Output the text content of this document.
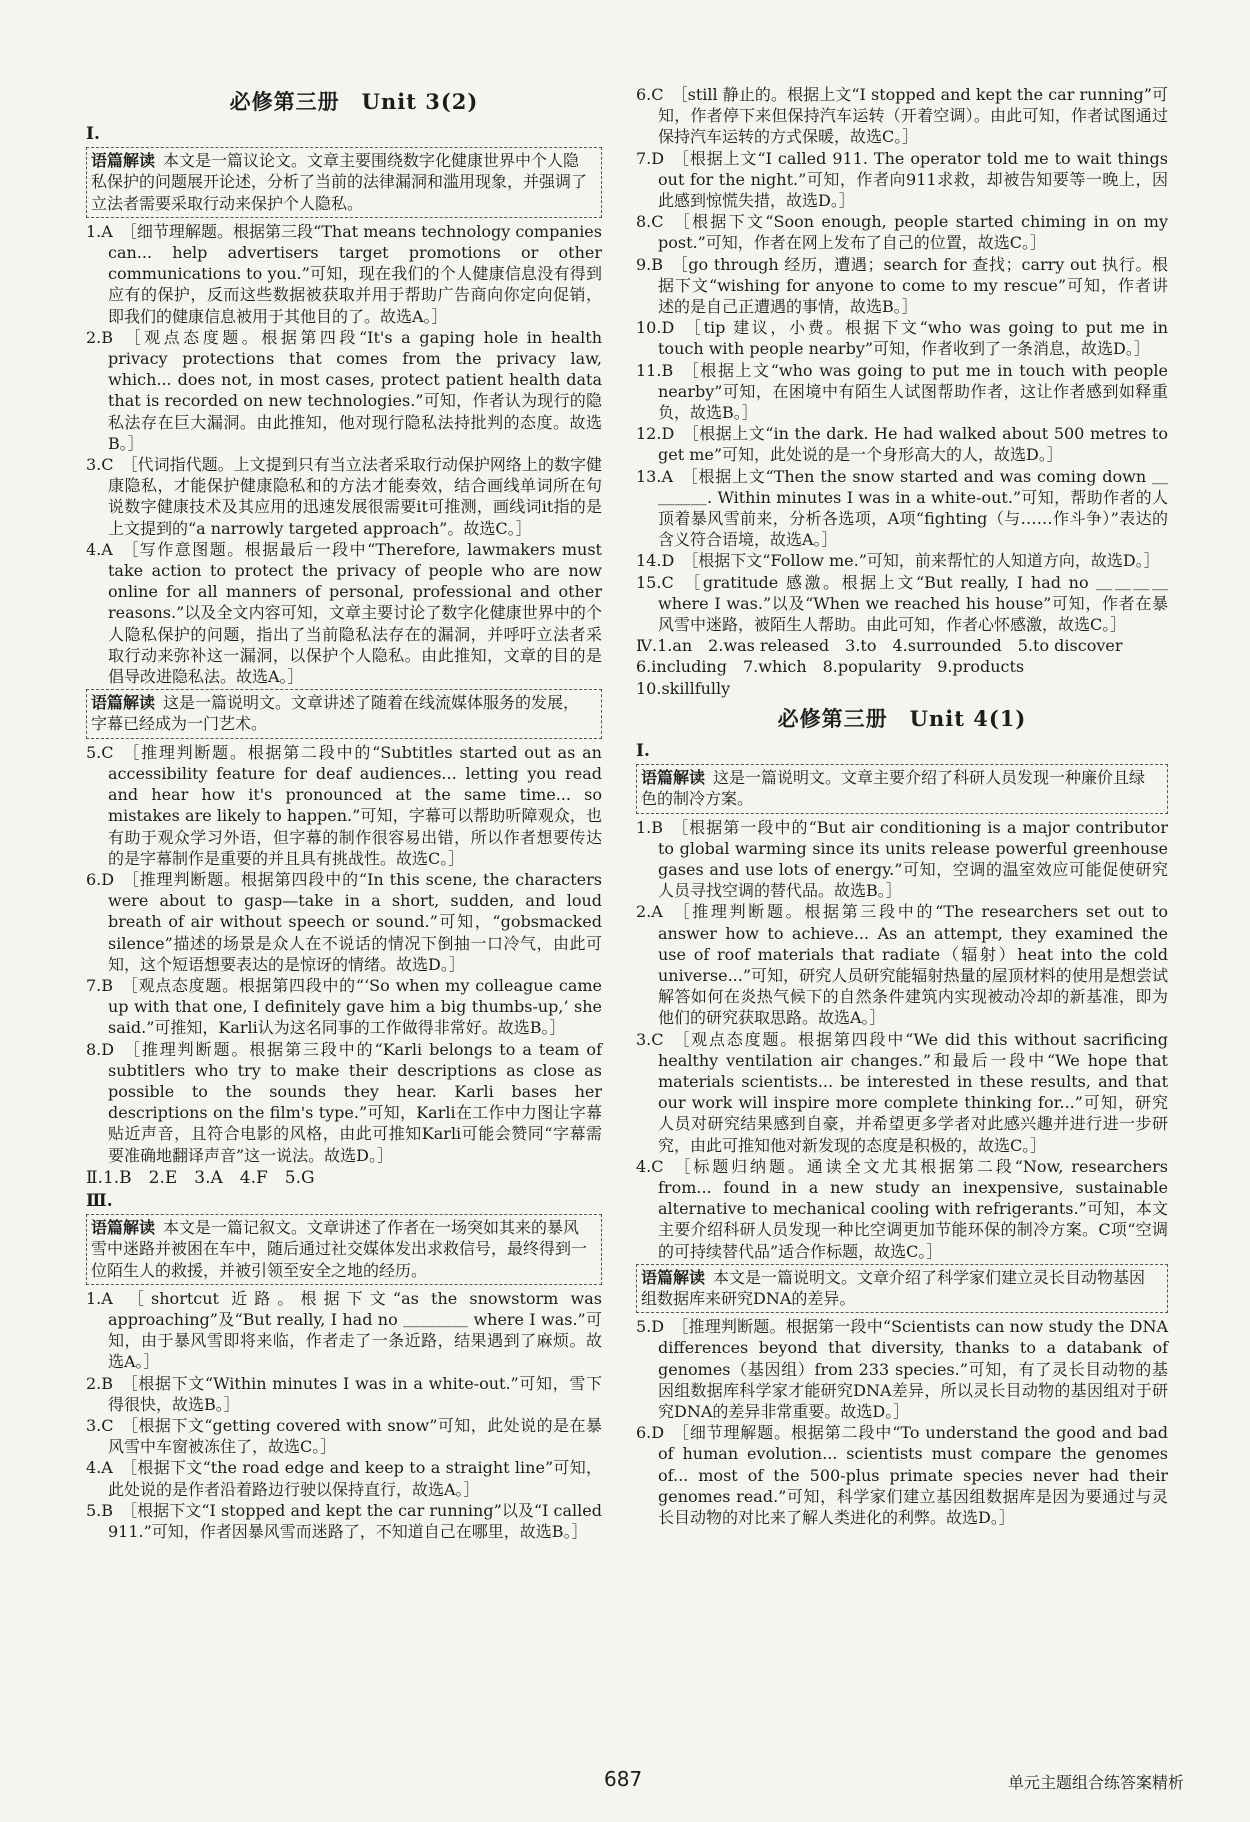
必修第三册　Unit 3(2)
Ⅰ.
语篇解读 本文是一篇议论文。文章主要围绕数字化健康世界中个人隐私保护的问题展开论述，分析了当前的法律漏洞和滥用现象，并强调了立法者需要采取行动来保护个人隐私。

1.A  ［细节理解题。根据第三段“That means technology companies can... help advertisers target promotions or other communications to you.”可知，现在我们的个人健康信息没有得到应有的保护，反而这些数据被获取并用于帮助广告商向你定向促销，即我们的健康信息被用于其他目的了。故选A。］

2.B  ［观点态度题。根据第四段“It's a gaping hole in health privacy protections that comes from the privacy law, which... does not, in most cases, protect patient health data that is recorded on new technologies.”可知，作者认为现行的隐私法存在巨大漏洞。由此推知，他对现行隐私法持批判的态度。故选B。］

3.C  ［代词指代题。上文提到只有当立法者采取行动保护网络上的数字健康隐私，才能保护健康隐私和的方法才能奏效，结合画线单词所在句说数字健康技术及其应用的迅速发展很需要it可推测，画线词it指的是上文提到的“a narrowly targeted approach”。故选C。］

4.A  ［写作意图题。根据最后一段中“Therefore, lawmakers must take action to protect the privacy of people who are now online for all manners of personal, professional and other reasons.”以及全文内容可知，文章主要讨论了数字化健康世界中的个人隐私保护的问题，指出了当前隐私法存在的漏洞，并呼吁立法者采取行动来弥补这一漏洞，以保护个人隐私。由此推知，文章的目的是倡导改进隐私法。故选A。］

语篇解读 这是一篇说明文。文章讲述了随着在线流媒体服务的发展，字幕已经成为一门艺术。

5.C  ［推理判断题。根据第二段中的“Subtitles started out as an accessibility feature for deaf audiences... letting you read and hear how it's pronounced at the same time... so mistakes are likely to happen.”可知，字幕可以帮助听障观众，也有助于观众学习外语，但字幕的制作很容易出错，所以作者想要传达的是字幕制作是重要的并且具有挑战性。故选C。］

6.D  ［推理判断题。根据第四段中的“In this scene, the characters were about to gasp—take in a short, sudden, and loud breath of air without speech or sound.”可知，“gobsmacked silence”描述的场景是众人在不说话的情况下倒抽一口冷气，由此可知，这个短语想要表达的是惊讶的情绪。故选D。］

7.B  ［观点态度题。根据第四段中的“‘So when my colleague came up with that one, I definitely gave him a big thumbs-up,’ she said.”可推知，Karli认为这名同事的工作做得非常好。故选B。］

8.D  ［推理判断题。根据第三段中的“Karli belongs to a team of subtitlers who try to make their descriptions as close as possible to the sounds they hear. Karli bases her descriptions on the film's type.”可知，Karli在工作中力图让字幕贴近声音，且符合电影的风格，由此可推知Karli可能会赞同“字幕需要准确地翻译声音”这一说法。故选D。］

Ⅱ.1.B　2.E　3.A　4.F　5.G
Ⅲ.
语篇解读 本文是一篇记叙文。文章讲述了作者在一场突如其来的暴风雪中迷路并被困在车中，随后通过社交媒体发出求救信号，最终得到一位陌生人的救援，并被引领至安全之地的经历。

1.A  ［shortcut 近路。根据下文“as the snowstorm was approaching”及“But really, I had no ＿＿＿＿ where I was.”可知，由于暴风雪即将来临，作者走了一条近路，结果遇到了麻烦。故选A。］

2.B  ［根据下文“Within minutes I was in a white-out.”可知，雪下得很快，故选B。］

3.C  ［根据下文“getting covered with snow”可知，此处说的是在暴风雪中车窗被冻住了，故选C。］

4.A  ［根据下文“the road edge and keep to a straight line”可知，此处说的是作者沿着路边行驶以保持直行，故选A。］

5.B  ［根据下文“I stopped and kept the car running”以及“I called 911.”可知，作者因暴风雪而迷路了，不知道自己在哪里，故选B。］

6.C  ［still 静止的。根据上文“I stopped and kept the car running”可知，作者停下来但保持汽车运转（开着空调）。由此可知，作者试图通过保持汽车运转的方式保暖，故选C。］

7.D  ［根据上文“I called 911. The operator told me to wait things out for the night.”可知，作者向911求救，却被告知要等一晚上，因此感到惊慌失措，故选D。］

8.C  ［根据下文“Soon enough, people started chiming in on my post.”可知，作者在网上发布了自己的位置，故选C。］

9.B  ［go through 经历，遭遇；search for 查找；carry out 执行。根据下文“wishing for anyone to come to my rescue”可知，作者讲述的是自己正遭遇的事情，故选B。］

10.D  ［tip 建议，小费。根据下文“who was going to put me in touch with people nearby”可知，作者收到了一条消息，故选D。］

11.B  ［根据上文“who was going to put me in touch with people nearby”可知，在困境中有陌生人试图帮助作者，这让作者感到如释重负，故选B。］

12.D  ［根据上文“in the dark. He had walked about 500 metres to get me”可知，此处说的是一个身形高大的人，故选D。］

13.A  ［根据上文“Then the snow started and was coming down ＿＿＿＿. Within minutes I was in a white-out.”可知，帮助作者的人顶着暴风雪前来，分析各选项，A项“fighting（与……作斗争）”表达的含义符合语境，故选A。］

14.D  ［根据下文“Follow me.”可知，前来帮忙的人知道方向，故选D。］

15.C  ［gratitude 感激。根据上文“But really, I had no ＿＿＿＿ where I was.”以及“When we reached his house”可知，作者在暴风雪中迷路，被陌生人帮助。由此可知，作者心怀感激，故选C。］

Ⅳ.1.an　2.was released　3.to　4.surrounded　5.to discover
6.including　7.which　8.popularity　9.products
10.skillfully
必修第三册　Unit 4(1)
Ⅰ.
语篇解读 这是一篇说明文。文章主要介绍了科研人员发现一种廉价且绿色的制冷方案。

1.B  ［根据第一段中的“But air conditioning is a major contributor to global warming since its units release powerful greenhouse gases and use lots of energy.”可知，空调的温室效应可能促使研究人员寻找空调的替代品。故选B。］

2.A  ［推理判断题。根据第三段中的“The researchers set out to answer how to achieve... As an attempt, they examined the use of roof materials that radiate（辐射）heat into the cold universe...”可知，研究人员研究能辐射热量的屋顶材料的使用是想尝试解答如何在炎热气候下的自然条件建筑内实现被动冷却的新基准，即为他们的研究获取思路。故选A。］

3.C  ［观点态度题。根据第四段中“We did this without sacrificing healthy ventilation air changes.”和最后一段中“We hope that materials scientists... be interested in these results, and that our work will inspire more complete thinking for...”可知，研究人员对研究结果感到自豪，并希望更多学者对此感兴趣并进行进一步研究，由此可推知他对新发现的态度是积极的，故选C。］

4.C  ［标题归纳题。通读全文尤其根据第二段“Now, researchers from... found in a new study an inexpensive, sustainable alternative to mechanical cooling with refrigerants.”可知，本文主要介绍科研人员发现一种比空调更加节能环保的制冷方案。C项“空调的可持续替代品”适合作标题，故选C。］

语篇解读 本文是一篇说明文。文章介绍了科学家们建立灵长目动物基因组数据库来研究DNA的差异。

5.D  ［推理判断题。根据第一段中“Scientists can now study the DNA differences beyond that diversity, thanks to a databank of genomes（基因组）from 233 species.”可知，有了灵长目动物的基因组数据库科学家才能研究DNA差异，所以灵长目动物的基因组对于研究DNA的差异非常重要。故选D。］

6.D  ［细节理解题。根据第二段中“To understand the good and bad of human evolution... scientists must compare the genomes of... most of the 500-plus primate species never had their genomes read.”可知，科学家们建立基因组数据库是因为要通过与灵长目动物的对比来了解人类进化的利弊。故选D。］

687	单元主题组合练答案精析
